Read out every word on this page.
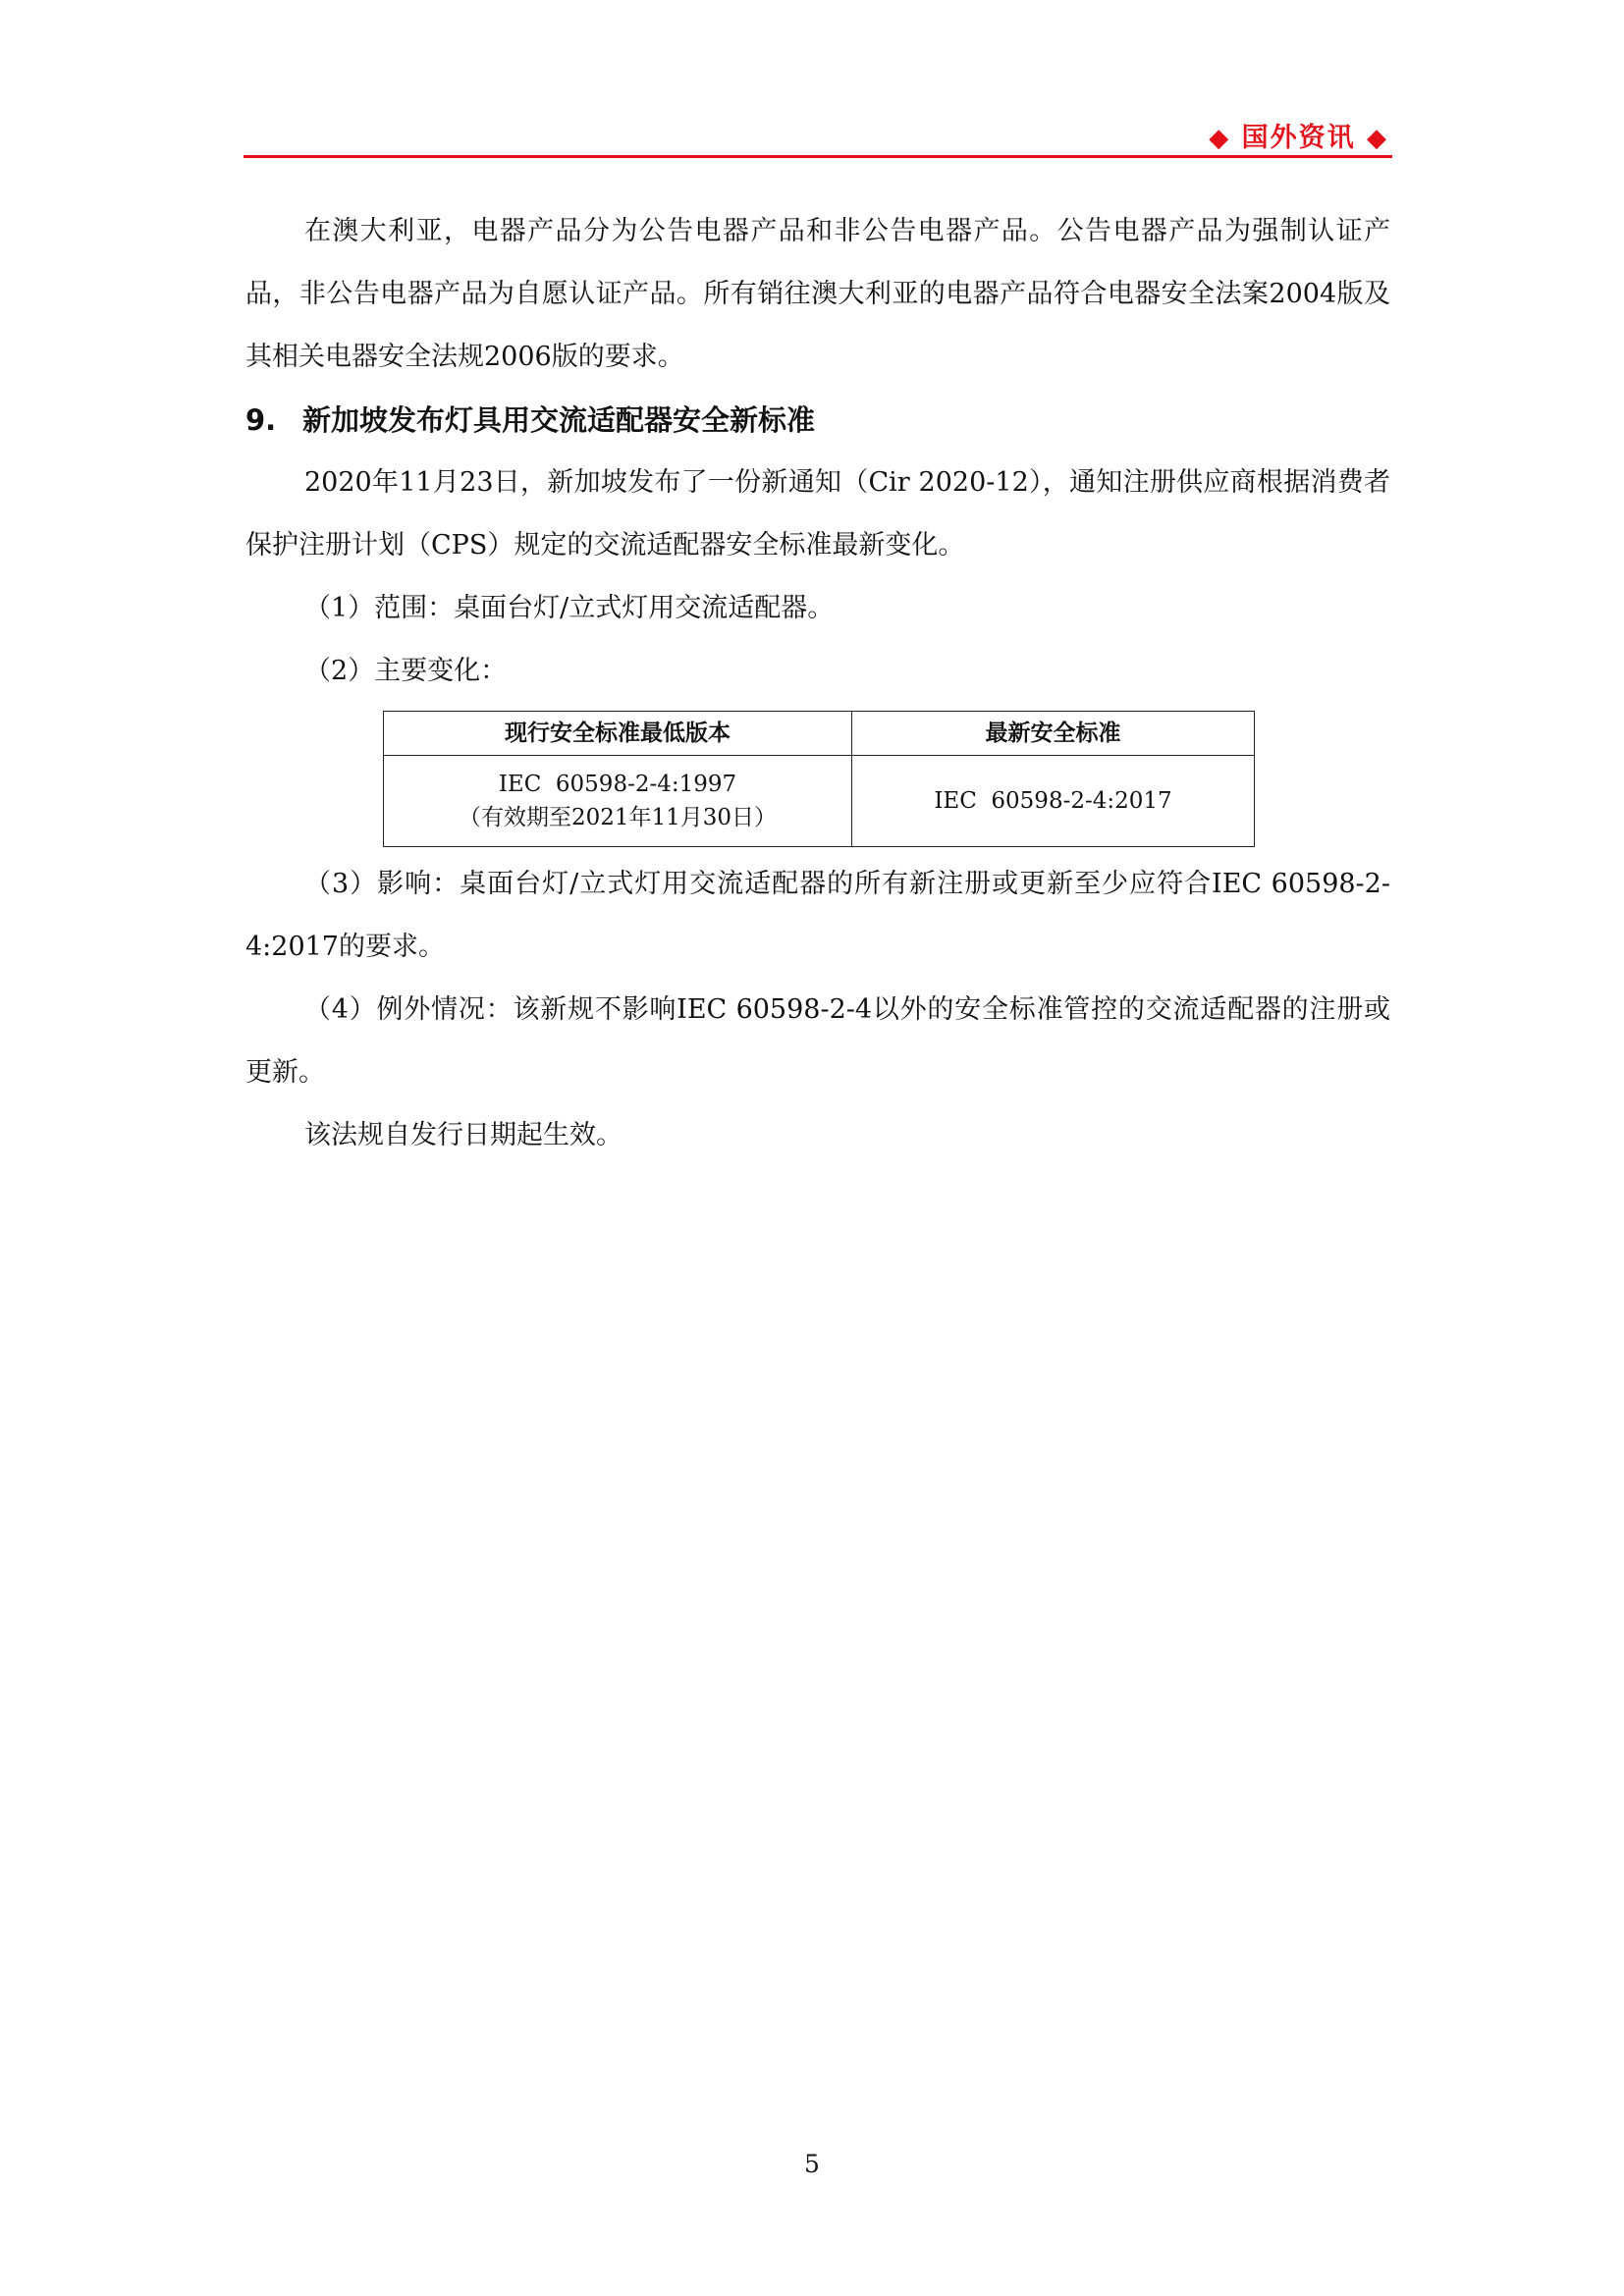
◆ 国外资讯 ◆

在澳大利亚，电器产品分为公告电器产品和非公告电器产品。公告电器产品为强制认证产品，非公告电器产品为自愿认证产品。所有销往澳大利亚的电器产品符合电器安全法案2004版及其相关电器安全法规2006版的要求。

9. 新加坡发布灯具用交流适配器安全新标准

2020年11月23日，新加坡发布了一份新通知（Cir 2020-12），通知注册供应商根据消费者保护注册计划（CPS）规定的交流适配器安全标准最新变化。

（1）范围：桌面台灯/立式灯用交流适配器。

（2）主要变化：

现行安全标准最低版本	最新安全标准

IEC  60598-2-4:1997
（有效期至2021年11月30日）	IEC  60598-2-4:2017

（3）影响：桌面台灯/立式灯用交流适配器的所有新注册或更新至少应符合IEC 60598-2-4:2017的要求。

（4）例外情况：该新规不影响IEC 60598-2-4以外的安全标准管控的交流适配器的注册或更新。

该法规自发行日期起生效。

5
